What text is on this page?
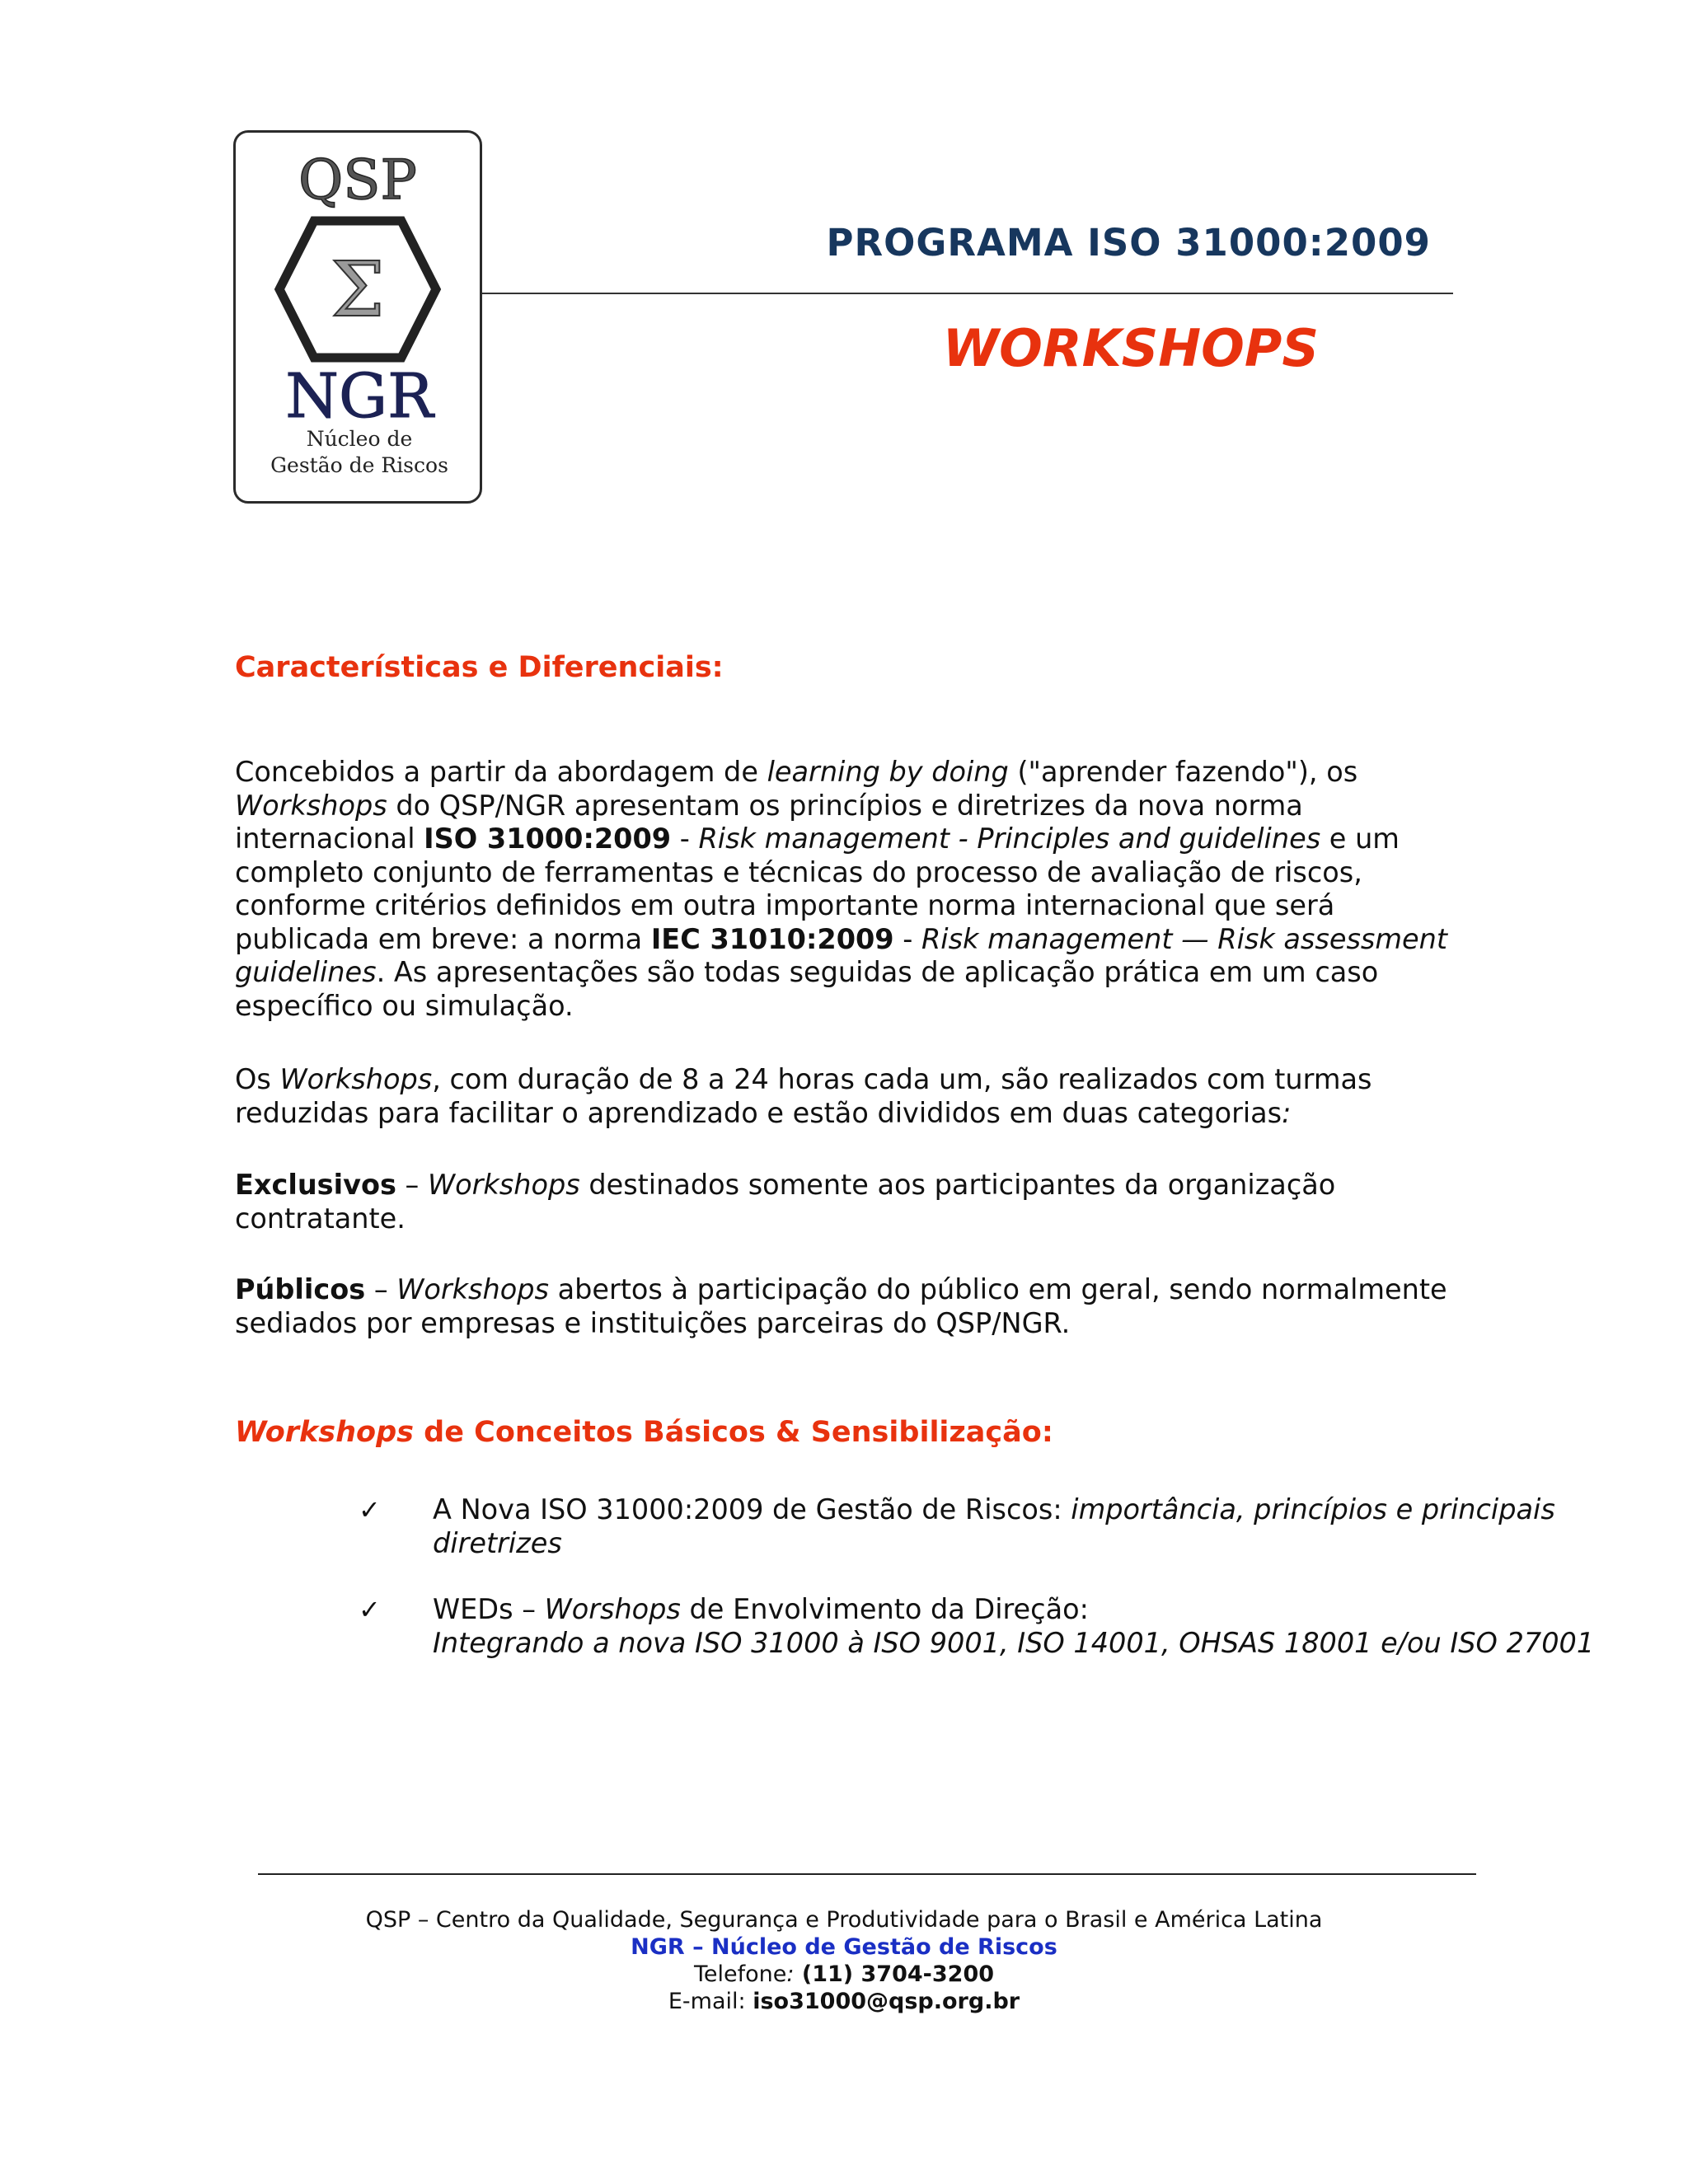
QSP
Σ
NGR
Núcleo de
Gestão de Riscos
PROGRAMA ISO 31000:2009
WORKSHOPS
Características e Diferenciais:

Concebidos a partir da abordagem de learning by doing ("aprender fazendo"), os Workshops do QSP/NGR apresentam os princípios e diretrizes da nova norma internacional ISO 31000:2009 - Risk management - Principles and guidelines e um completo conjunto de ferramentas e técnicas do processo de avaliação de riscos, conforme critérios definidos em outra importante norma internacional que será publicada em breve: a norma IEC 31010:2009 - Risk management — Risk assessment guidelines. As apresentações são todas seguidas de aplicação prática em um caso específico ou simulação.

Os Workshops, com duração de 8 a 24 horas cada um, são realizados com turmas reduzidas para facilitar o aprendizado e estão divididos em duas categorias:

Exclusivos – Workshops destinados somente aos participantes da organização contratante.

Públicos – Workshops abertos à participação do público em geral, sendo normalmente sediados por empresas e instituições parceiras do QSP/NGR.

Workshops de Conceitos Básicos & Sensibilização:
✓ A Nova ISO 31000:2009 de Gestão de Riscos: importância, princípios e principais diretrizes
✓ WEDs – Worshops de Envolvimento da Direção:
Integrando a nova ISO 31000 à ISO 9001, ISO 14001, OHSAS 18001 e/ou ISO 27001
QSP – Centro da Qualidade, Segurança e Produtividade para o Brasil e América Latina
NGR – Núcleo de Gestão de Riscos
Telefone: (11) 3704-3200
E-mail: iso31000@qsp.org.br
